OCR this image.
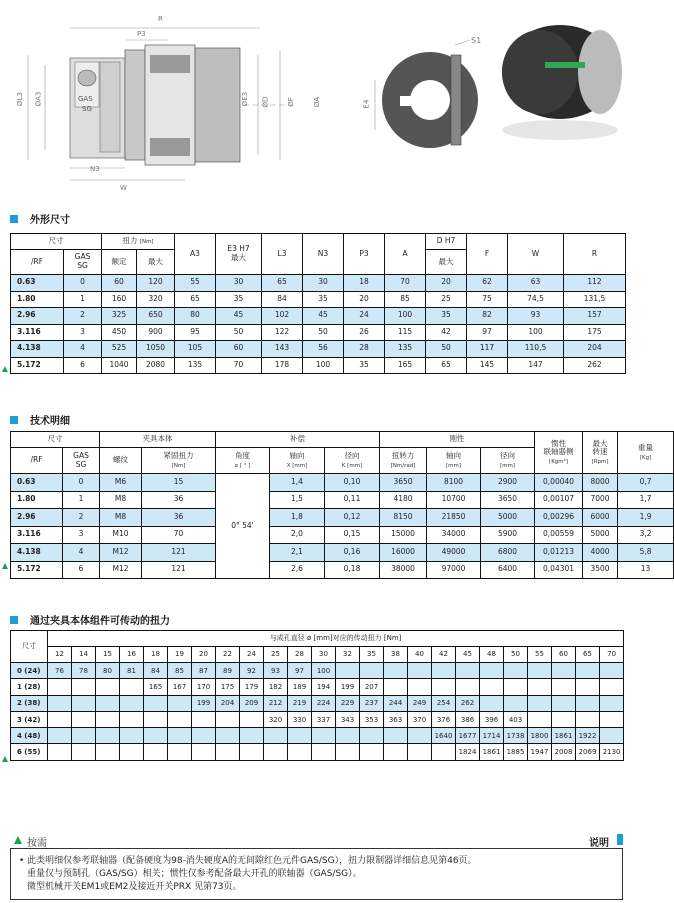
R
P3
ØL3 ØA3	GAS
SG
ØE3 ØD ØF	ØA
N3
W
S1
E4
外形尺寸
尺寸		扭力 [Nm]		A3	E3 H7
最大	L3	N3	P3	A	D H7	F	W	R
/RF	GAS
SG	额定	最大							最大			
0.63	0	60	120	55	30	65	30	18	70	20	62	63	112
1.80	1	160	320	65	35	84	35	20	85	25	75	74,5	131,5
2.96	2	325	650	80	45	102	45	24	100	35	82	93	157
3.116	3	450	900	95	50	122	50	26	115	42	97	100	175
4.138	4	525	1050	105	60	143	56	28	135	50	117	110,5	204
5.172	6	1040	2080	135	70	178	100	35	165	65	145	147	262
技术明细
尺寸		夹具本体		补偿			刚性			惯性
联轴器侧
[Kgm²]	最大
转速
[Rpm]	重量
[Kg]
/RF	GAS
SG	螺纹	紧固扭力
[Nm]	角度
α [ ° ]	轴向
X [mm]	径向
K [mm]	扭转力
[Nm/rad]	轴向
[mm]	径向
[mm]			
0.63	0	M6	15	0° 54'	1,4	0,10	3650	8100	2900	0,00040	8000	0,7
1.80	1	M8	36		1,5	0,11	4180	10700	3650	0,00107	7000	1,7
2.96	2	M8	36		1,8	0,12	8150	21850	5000	0,00296	6000	1,9
3.116	3	M10	70		2,0	0,15	15000	34000	5900	0,00559	5000	3,2
4.138	4	M12	121		2,1	0,16	16000	49000	6800	0,01213	4000	5,8
5.172	6	M12	121		2,6	0,18	38000	97000	6400	0,04301	3500	13
通过夹具本体组件可传动的扭力
尺寸	与成孔直径 ø [mm]对应的传动扭力 [Nm]																							
	12	14	15	16	18	19	20	22	24	25	28	30	32	35	38	40	42	45	48	50	55	60	65	70
0 (24)	76	78	80	81	84	85	87	89	92	93	97	100												
1 (28)					165	167	170	175	179	182	189	194	199	207										
2 (38)							199	204	209	212	219	224	229	237	244	249	254	262						
3 (42)										320	330	337	343	353	363	370	376	386	396	403				
4 (48)																	1640	1677	1714	1738	1800	1861	1922	
6 (55)																		1824	1861	1885	1947	2008	2069	2130
按需	说明
• 此类明细仅参考联轴器（配备硬度为98-消失硬度A的无间隙红色元件GAS/SG），扭力限制器详细信息见第46页。
重量仅与预制孔（GAS/SG）相关；惯性仅参考配备最大开孔的联轴器（GAS/SG）。
微型机械开关EM1或EM2及接近开关PRX 见第73页。
